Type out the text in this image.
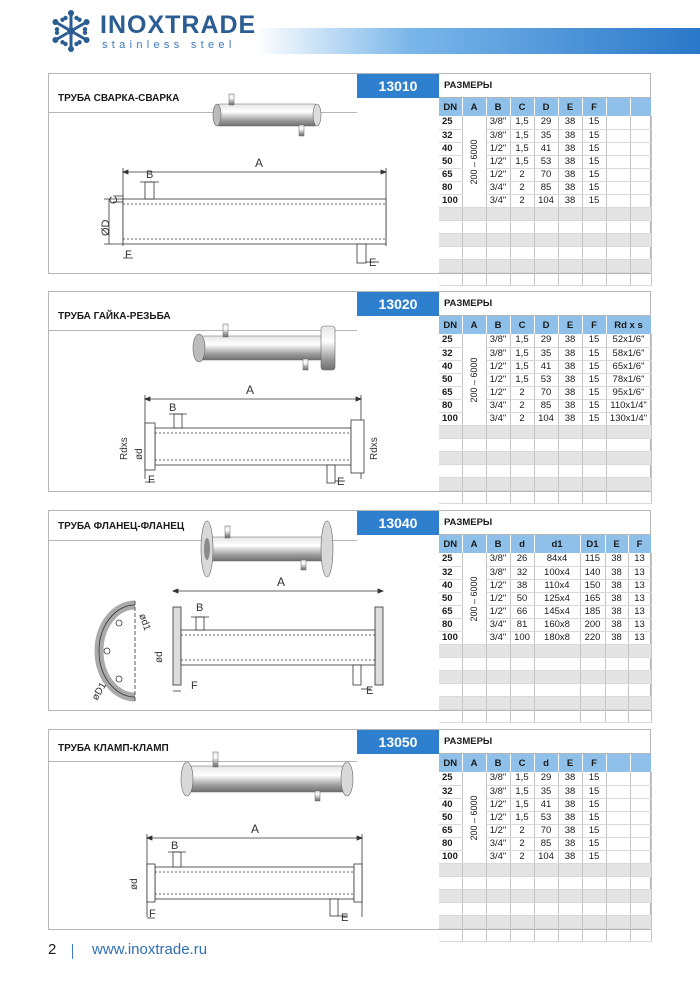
INOXTRADE
stainless steel
ТРУБА СВАРКА-СВАРКА
A
B
C
ØD
F
E
13010	РАЗМЕРЫ
DN	A	B	C	D	E	F		
25	200 – 6000	3/8"	1,5	29	38	15		
32		3/8"	1,5	35	38	15		
40		1/2"	1,5	41	38	15		
50		1/2"	1,5	53	38	15		
65		1/2"	2	70	38	15		
80		3/4"	2	85	38	15		
100		3/4"	2	104	38	15		

ТРУБА ГАЙКА-РЕЗЬБА
A
B
Rdxs ød	Rdxs
F	E
13020	РАЗМЕРЫ
DN	A	B	C	D	E	F	Rd x s
25	200 – 6000	3/8"	1,5	29	38	15	52x1/6"
32		3/8"	1,5	35	38	15	58x1/6"
40		1/2"	1,5	41	38	15	65x1/6"
50		1/2"	1,5	53	38	15	78x1/6"
65		1/2"	2	70	38	15	95x1/6"
80		3/4"	2	85	38	15	110x1/4"
100		3/4"	2	104	38	15	130x1/4"

ТРУБА ФЛАНЕЦ-ФЛАНЕЦ
A
B
ød
øD1
ød1
F	E
13040	РАЗМЕРЫ
DN	A	B	d	d1	D1	E	F
25	200 – 6000	3/8"	26	84x4	115	38	13
32		3/8"	32	100x4	140	38	13
40		1/2"	38	110x4	150	38	13
50		1/2"	50	125x4	165	38	13
65		1/2"	66	145x4	185	38	13
80		3/4"	81	160x8	200	38	13
100		3/4"	100	180x8	220	38	13

ТРУБА КЛАМП-КЛАМП
A
B
ød
F	E
13050	РАЗМЕРЫ
DN	A	B	C	d	E	F		
25	200 – 6000	3/8"	1,5	29	38	15		
32		3/8"	1,5	35	38	15		
40		1/2"	1,5	41	38	15		
50		1/2"	1,5	53	38	15		
65		1/2"	2	70	38	15		
80		3/4"	2	85	38	15		
100		3/4"	2	104	38	15		

2 www.inoxtrade.ru
